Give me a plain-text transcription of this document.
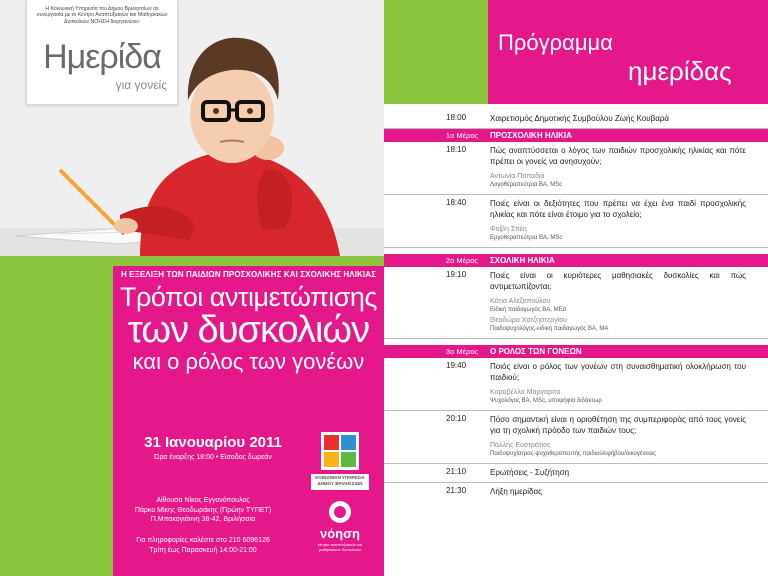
Η Κοινωνική Υπηρεσία του Δήμου Βριλησσίων σε συνεργασία με το Κέντρο Αναπτυξιακών και Μαθησιακών Δυσκολιών ΝΟΗΣΗ διοργανώνει:
Ημερίδα
για γονείς
Η ΕΞΕΛΙΞΗ ΤΩΝ ΠΑΙΔΙΩΝ ΠΡΟΣΧΟΛΙΚΗΣ ΚΑΙ ΣΧΟΛΙΚΗΣ ΗΛΙΚΙΑΣ
Τρόποι αντιμετώπισης
των δυσκολιών
και ο ρόλος των γονέων
31 Ιανουαρίου 2011
Ώρα έναρξης 18:00 • Είσοδος δωρεάν
Αίθουσα Νίκος Εγγονόπουλος
Πάρκο Μίκης Θεοδωράκης (Πρώην ΤΥΠΕΤ)
Π.Μπακογιάννη 38-42, Βριλήσσια
Για πληροφορίες καλέστε στο 210 6096126
Τρίτη έως Παρασκευή 14:00-21:00
ΚΟΙΝΩΝΙΚΗ ΥΠΗΡΕΣΙΑ ΔΗΜΟΥ ΒΡΙΛΗΣΣΙΩΝ
νόηση
κέντρο αναπτυξιακών και μαθησιακών δυσκολιών
Πρόγραμμα
ημερίδας
18:00	Χαιρετισμός Δημοτικής Συμβούλου Ζωής Κουβαρά
1ο Μέρος ΠΡΟΣΧΟΛΙΚΗ ΗΛΙΚΙΑ
18:10	Πώς αναπτύσσεται ο λόγος των παιδιών προσχολικής ηλικίας και πότε πρέπει οι γονείς να ανησυχούν;
Αντωνία Παπαδιά
Λογοθεραπεύτρια BA, MSc
18:40	Ποιές είναι οι δεξιότητες που πρέπει να έχει ένα παιδί προσχολικής ηλικίας και πότε είναι έτοιμο για το σχολείο;
Φοίβη Σπέη
Εργοθεραπεύτρια BA, MSc
2ο Μέρος ΣΧΟΛΙΚΗ ΗΛΙΚΙΑ
19:10	Ποιές είναι οι κυριότερες μαθησιακές δυσκολίες και πώς αντιμετωπίζονται;
Κάτια Αλεξοπούλου
Ειδική παιδαγωγός BA, MEd
Θεοδώρα Χατζηστεργίου
Παιδοψυχολόγος-ειδική παιδαγωγός BA, MA
3ο Μέρος Ο ΡΟΛΟΣ ΤΩΝ ΓΟΝΕΩΝ
19:40	Ποιός είναι ο ρόλος των γονέων στη συναισθηματική ολοκλήρωση του παιδιού;
Καραβέλλα Μαργαρίτα
Ψυχολόγος BA, MSc, υποψήφια διδάκτωρ
20:10	Πόσο σημαντική είναι η οριοθέτηση της συμπεριφοράς από τους γονείς για τη σχολική πρόοδο των παιδιών τους;
Πάλλης Ευστράτιος
Παιδοψυχίατρος-ψυχοθεραπευτής παιδιού/εφήβου/οικογένειας
21:10	Ερωτήσεις - Συζήτηση
21:30	Λήξη ημερίδας
